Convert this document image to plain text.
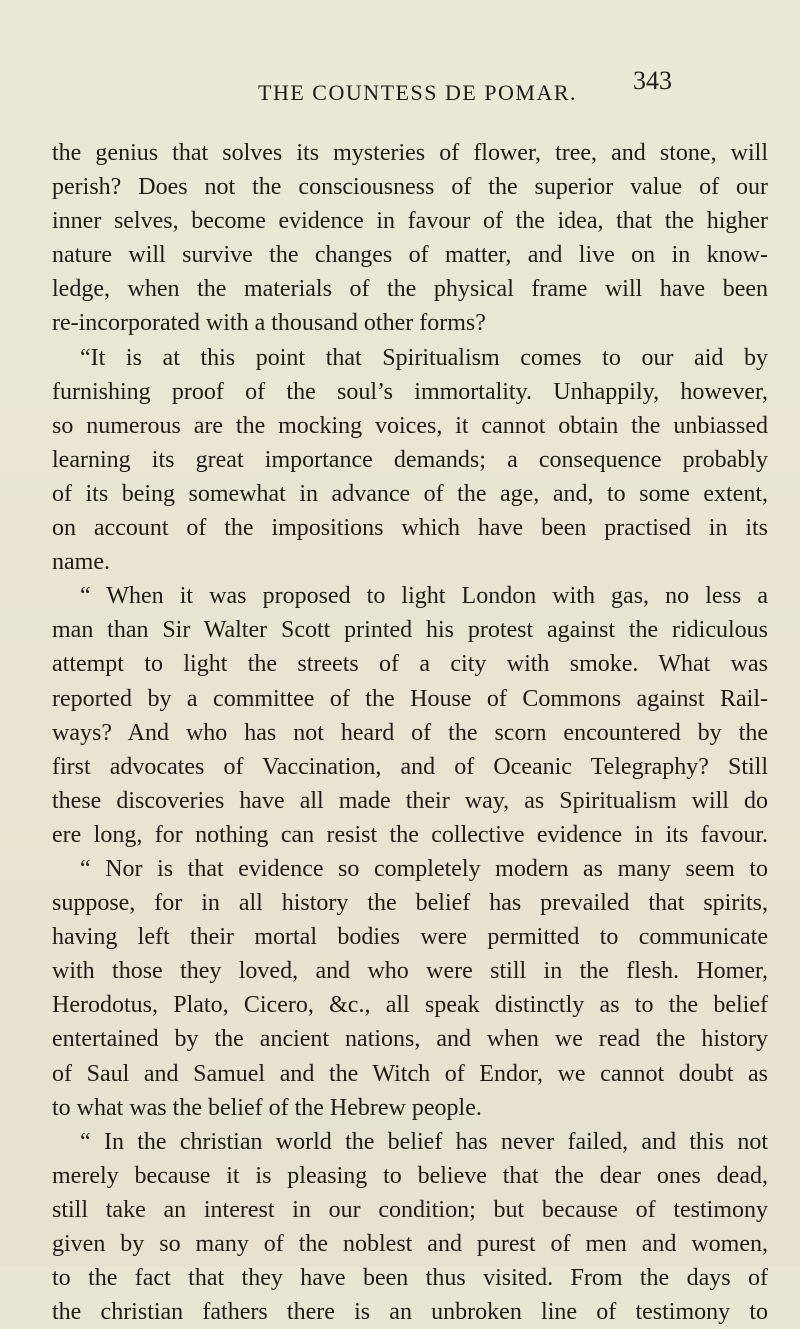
THE COUNTESS DE POMAR. 343
the genius that solves its mysteries of flower, tree, and stone, will
perish? Does not the consciousness of the superior value of our
inner selves, become evidence in favour of the idea, that the higher
nature will survive the changes of matter, and live on in know-
ledge, when the materials of the physical frame will have been
re-incorporated with a thousand other forms?
“It is at this point that Spiritualism comes to our aid by
furnishing proof of the soul’s immortality. Unhappily, however,
so numerous are the mocking voices, it cannot obtain the unbiassed
learning its great importance demands; a consequence probably
of its being somewhat in advance of the age, and, to some extent,
on account of the impositions which have been practised in its
name.
“ When it was proposed to light London with gas, no less a
man than Sir Walter Scott printed his protest against the ridiculous
attempt to light the streets of a city with smoke. What was
reported by a committee of the House of Commons against Rail-
ways? And who has not heard of the scorn encountered by the
first advocates of Vaccination, and of Oceanic Telegraphy? Still
these discoveries have all made their way, as Spiritualism will do
ere long, for nothing can resist the collective evidence in its favour.
“ Nor is that evidence so completely modern as many seem to
suppose, for in all history the belief has prevailed that spirits,
having left their mortal bodies were permitted to communicate
with those they loved, and who were still in the flesh. Homer,
Herodotus, Plato, Cicero, &c., all speak distinctly as to the belief
entertained by the ancient nations, and when we read the history
of Saul and Samuel and the Witch of Endor, we cannot doubt as
to what was the belief of the Hebrew people.
“ In the christian world the belief has never failed, and this not
merely because it is pleasing to believe that the dear ones dead,
still take an interest in our condition; but because of testimony
given by so many of the noblest and purest of men and women,
to the fact that they have been thus visited. From the days of
the christian fathers there is an unbroken line of testimony to
